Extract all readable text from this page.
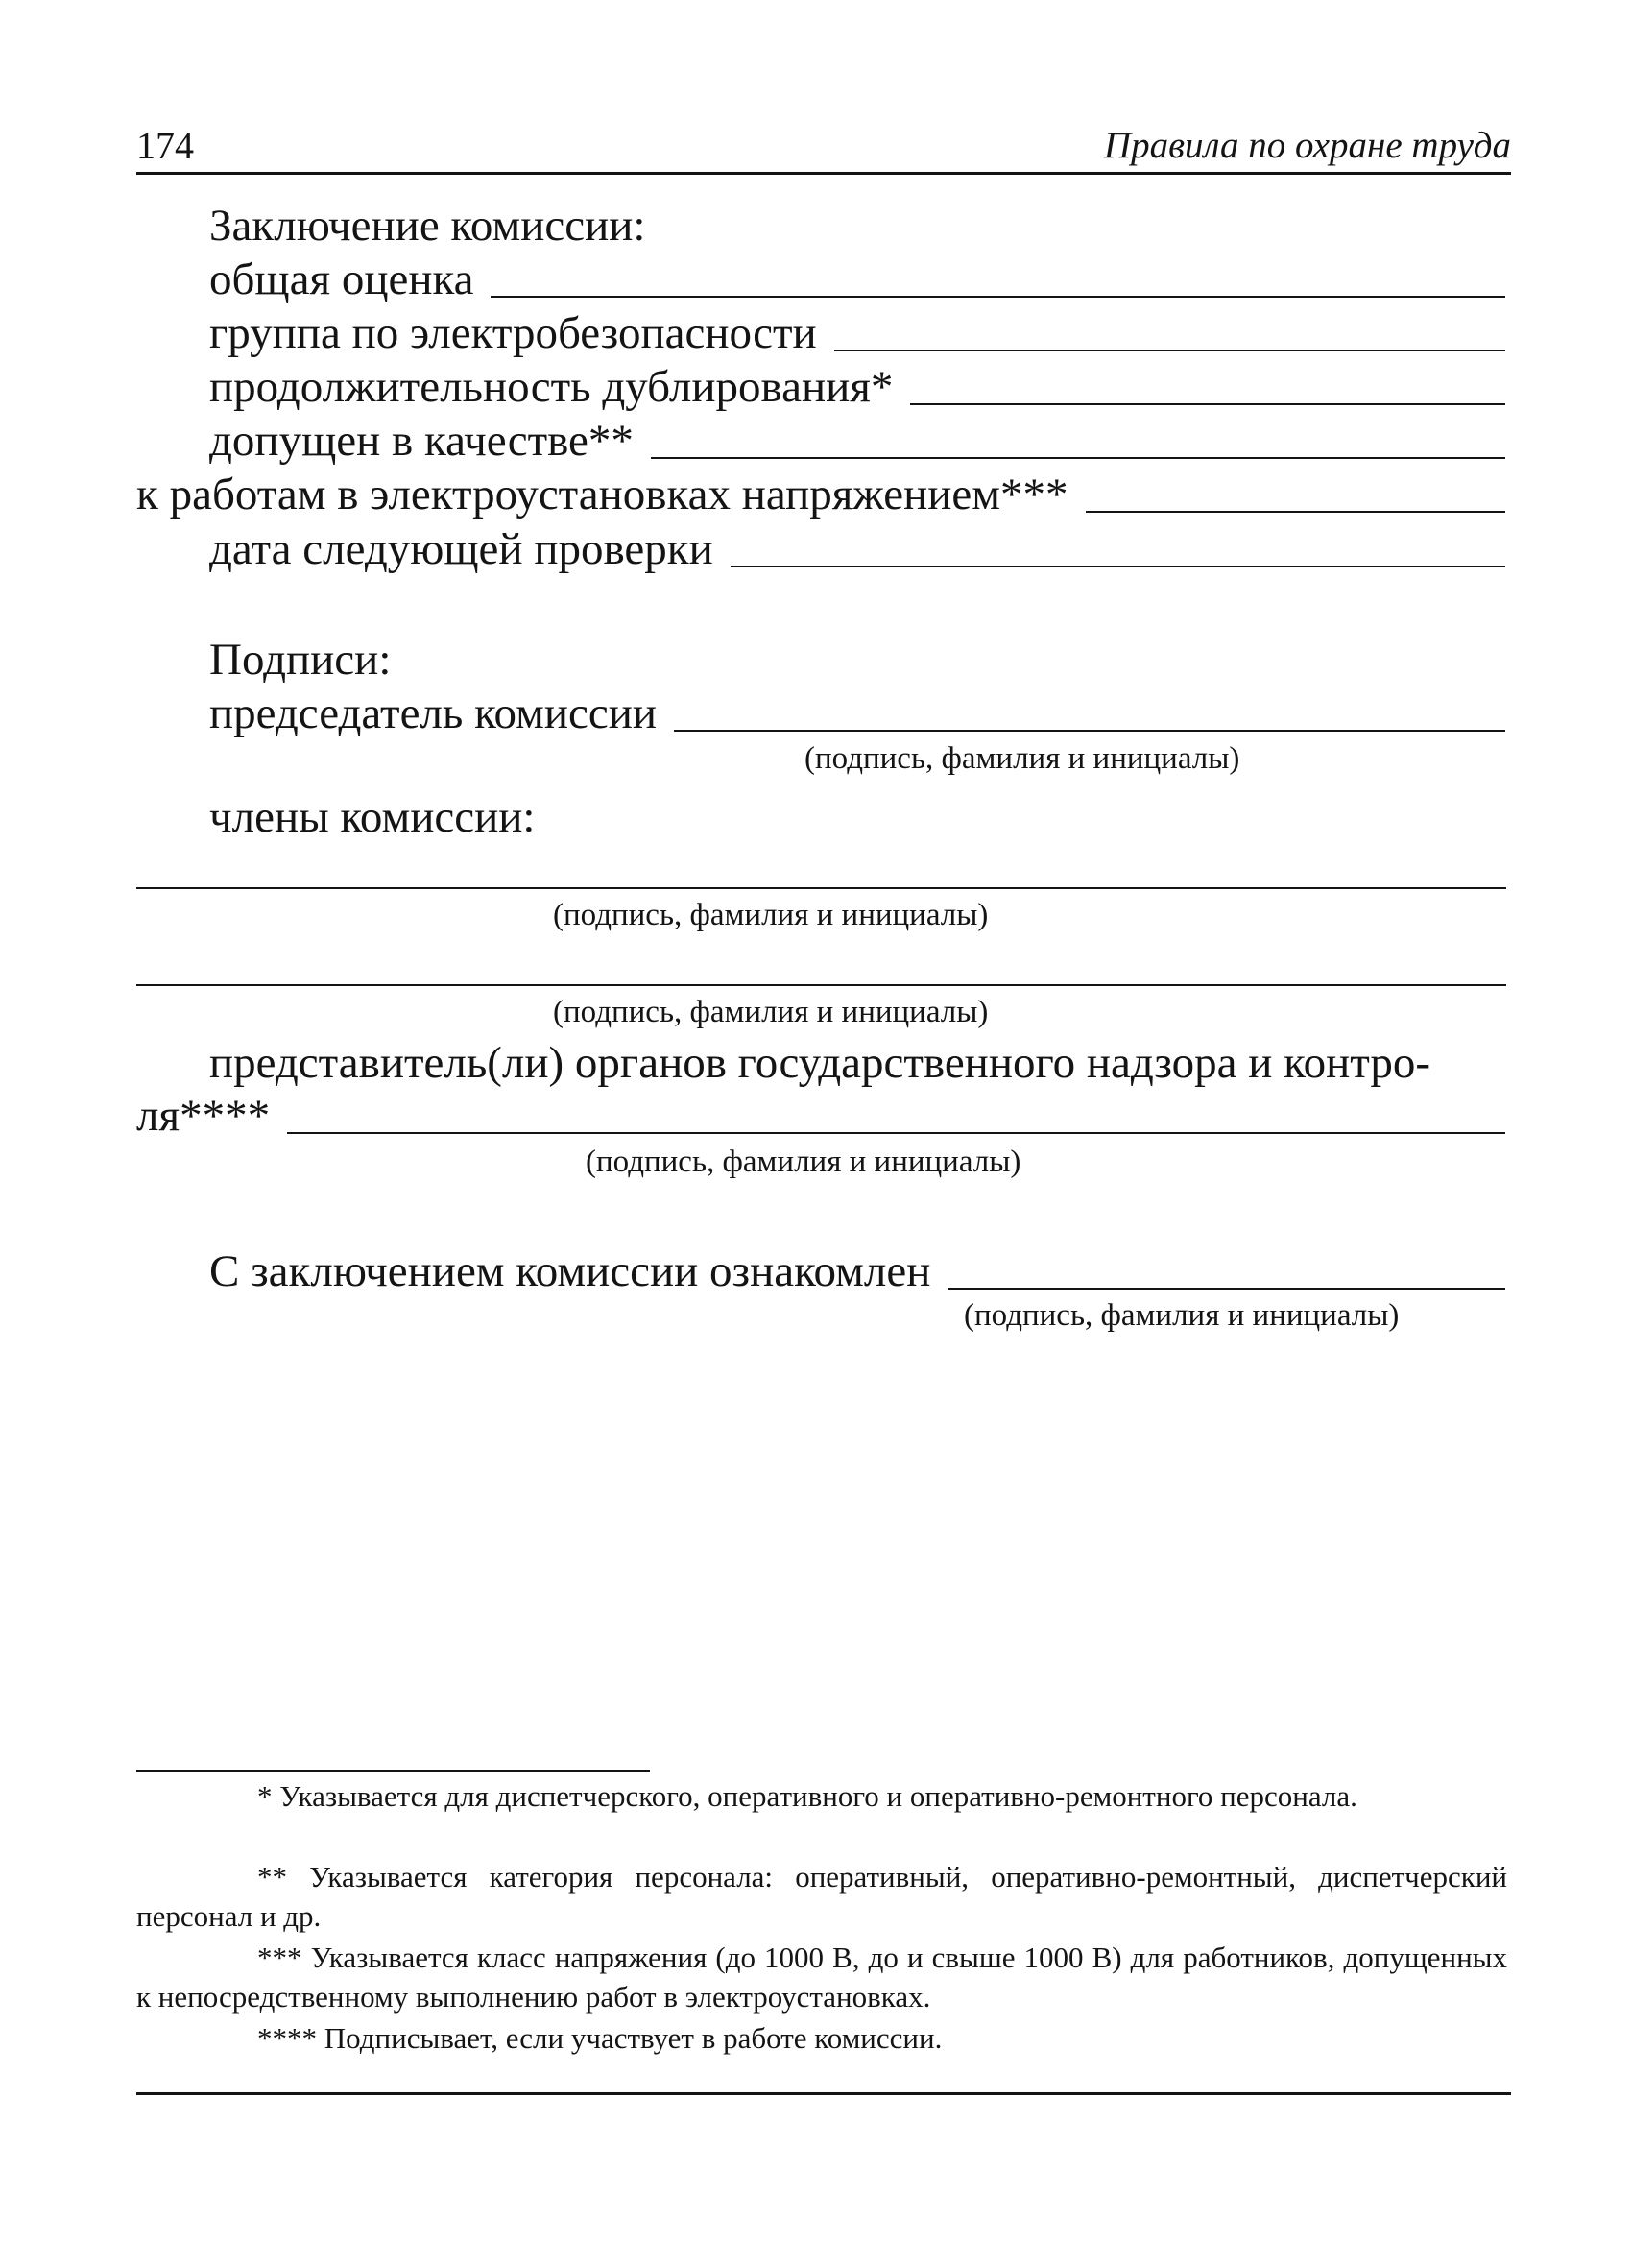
174	Правила по охране труда
Заключение комиссии:
общая оценка
группа по электробезопасности
продолжительность дублирования*
допущен в качестве**
к работам в электроустановках напряжением***
дата следующей проверки
Подписи:
председатель комиссии
(подпись, фамилия и инициалы)
члены комиссии:
(подпись, фамилия и инициалы)
(подпись, фамилия и инициалы)
представитель(ли) органов государственного надзора и контро-
ля****
(подпись, фамилия и инициалы)
С заключением комиссии ознакомлен
(подпись, фамилия и инициалы)
* Указывается для диспетчерского, оперативного и оперативно-ремонтного персонала.
** Указывается категория персонала: оперативный, оперативно-ремонтный, диспетчерский персонал и др.
*** Указывается класс напряжения (до 1000 В, до и свыше 1000 В) для работников, допущенных к непосредственному выполнению работ в электроустановках.
**** Подписывает, если участвует в работе комиссии.
